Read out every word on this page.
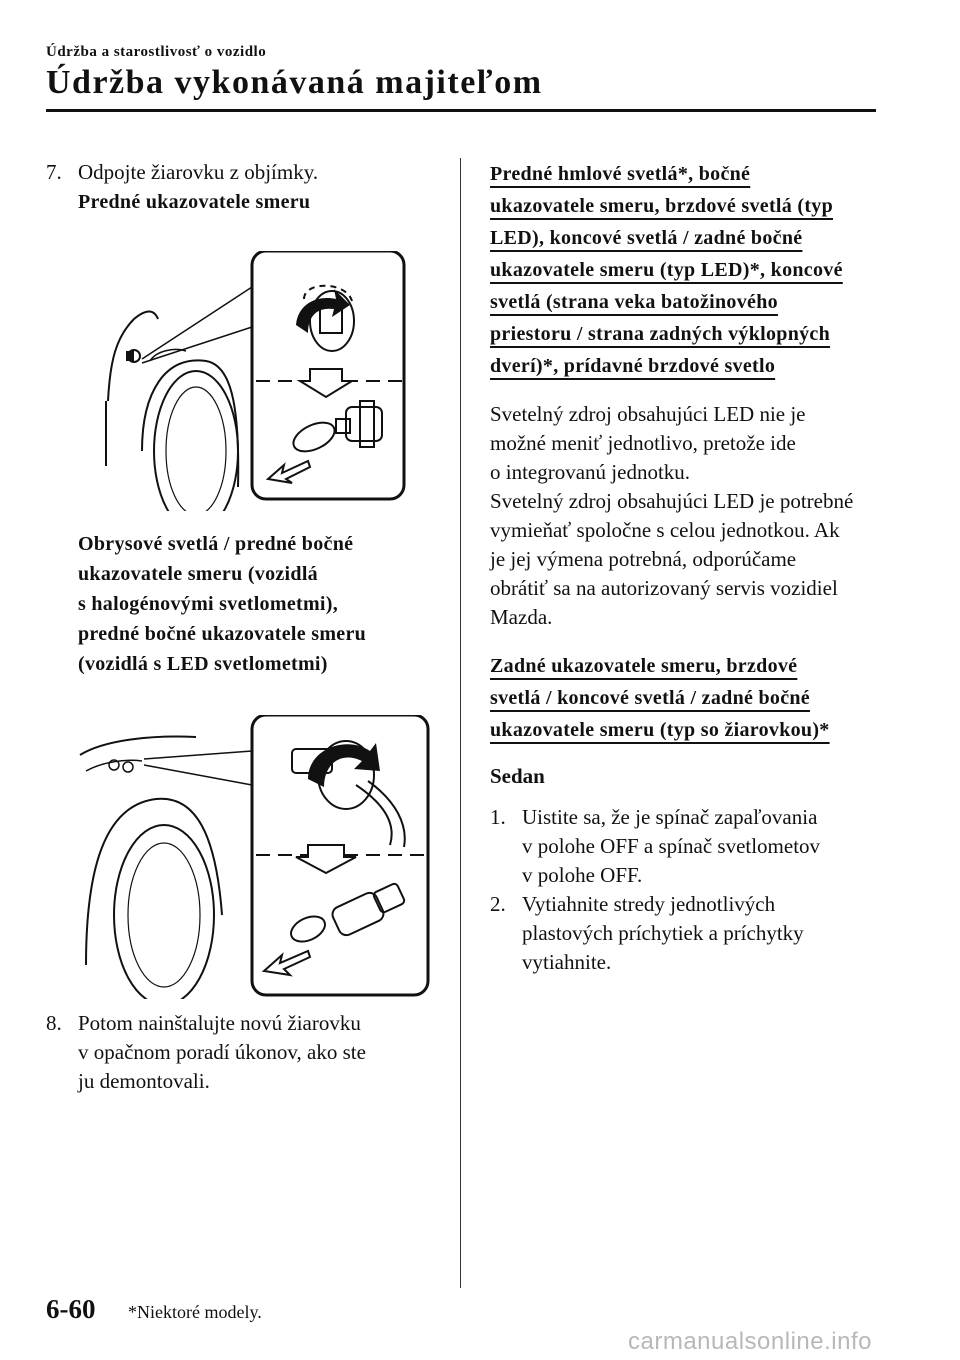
Údržba a starostlivosť o vozidlo
Údržba vykonávaná majiteľom
7. Odpojte žiarovku z objímky.
Predné ukazovatele smeru
Obrysové svetlá / predné bočné
ukazovatele smeru (vozidlá
s halogénovými svetlometmi),
predné bočné ukazovatele smeru
(vozidlá s LED svetlometmi)
8. Potom nainštalujte novú žiarovku
v opačnom poradí úkonov, ako ste
ju demontovali.
Predné hmlové svetlá*, bočné
ukazovatele smeru, brzdové svetlá (typ
LED), koncové svetlá / zadné bočné
ukazovatele smeru (typ LED)*, koncové
svetlá (strana veka batožinového
priestoru / strana zadných výklopných
dverí)*, prídavné brzdové svetlo
Svetelný zdroj obsahujúci LED nie je
možné meniť jednotlivo, pretože ide
o integrovanú jednotku.
Svetelný zdroj obsahujúci LED je potrebné
vymieňať spoločne s celou jednotkou. Ak
je jej výmena potrebná, odporúčame
obrátiť sa na autorizovaný servis vozidiel
Mazda.
Zadné ukazovatele smeru, brzdové
svetlá / koncové svetlá / zadné bočné
ukazovatele smeru (typ so žiarovkou)*
Sedan
1. Uistite sa, že je spínač zapaľovania
v polohe OFF a spínač svetlometov
v polohe OFF.
2. Vytiahnite stredy jednotlivých
plastových príchytiek a príchytky
vytiahnite.
6-60 *Niektoré modely.
carmanualsonline.info
